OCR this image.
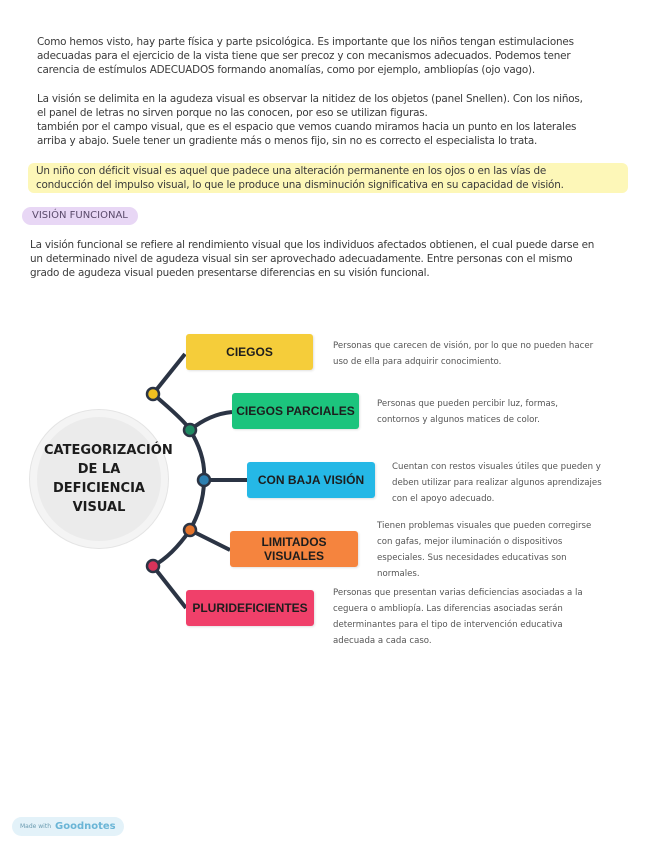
Como hemos visto, hay parte física y parte psicológica. Es importante que los niños tengan estimulaciones
adecuadas para el ejercicio de la vista tiene que ser precoz y con mecanismos adecuados. Podemos tener
carencia de estímulos ADECUADOS formando anomalías, como por ejemplo, ambliopías (ojo vago).
La visión se delimita en la agudeza visual es observar la nitidez de los objetos (panel Snellen). Con los niños,
el panel de letras no sirven porque no las conocen, por eso se utilizan figuras.
también por el campo visual, que es el espacio que vemos cuando miramos hacia un punto en los laterales
arriba y abajo. Suele tener un gradiente más o menos fijo, sin no es correcto el especialista lo trata.
Un niño con déficit visual es aquel que padece una alteración permanente en los ojos o en las vías de
conducción del impulso visual, lo que le produce una disminución significativa en su capacidad de visión.
VISIÓN FUNCIONAL
La visión funcional se refiere al rendimiento visual que los individuos afectados obtienen, el cual puede darse en
un determinado nivel de agudeza visual sin ser aprovechado adecuadamente. Entre personas con el mismo
grado de agudeza visual pueden presentarse diferencias en su visión funcional.
CATEGORIZACIÓN
DE LA
DEFICIENCIA
VISUAL
CIEGOS
CIEGOS PARCIALES
CON BAJA VISIÓN
LIMITADOS VISUALES
PLURIDEFICIENTES
Personas que carecen de visión, por lo que no pueden hacer
uso de ella para adquirir conocimiento.
Personas que pueden percibir luz, formas,
contornos y algunos matices de color.
Cuentan con restos visuales útiles que pueden y
deben utilizar para realizar algunos aprendizajes
con el apoyo adecuado.
Tienen problemas visuales que pueden corregirse
con gafas, mejor iluminación o dispositivos
especiales. Sus necesidades educativas son
normales.
Personas que presentan varias deficiencias asociadas a la
ceguera o ambliopía. Las diferencias asociadas serán
determinantes para el tipo de intervención educativa
adecuada a cada caso.
Made with Goodnotes
